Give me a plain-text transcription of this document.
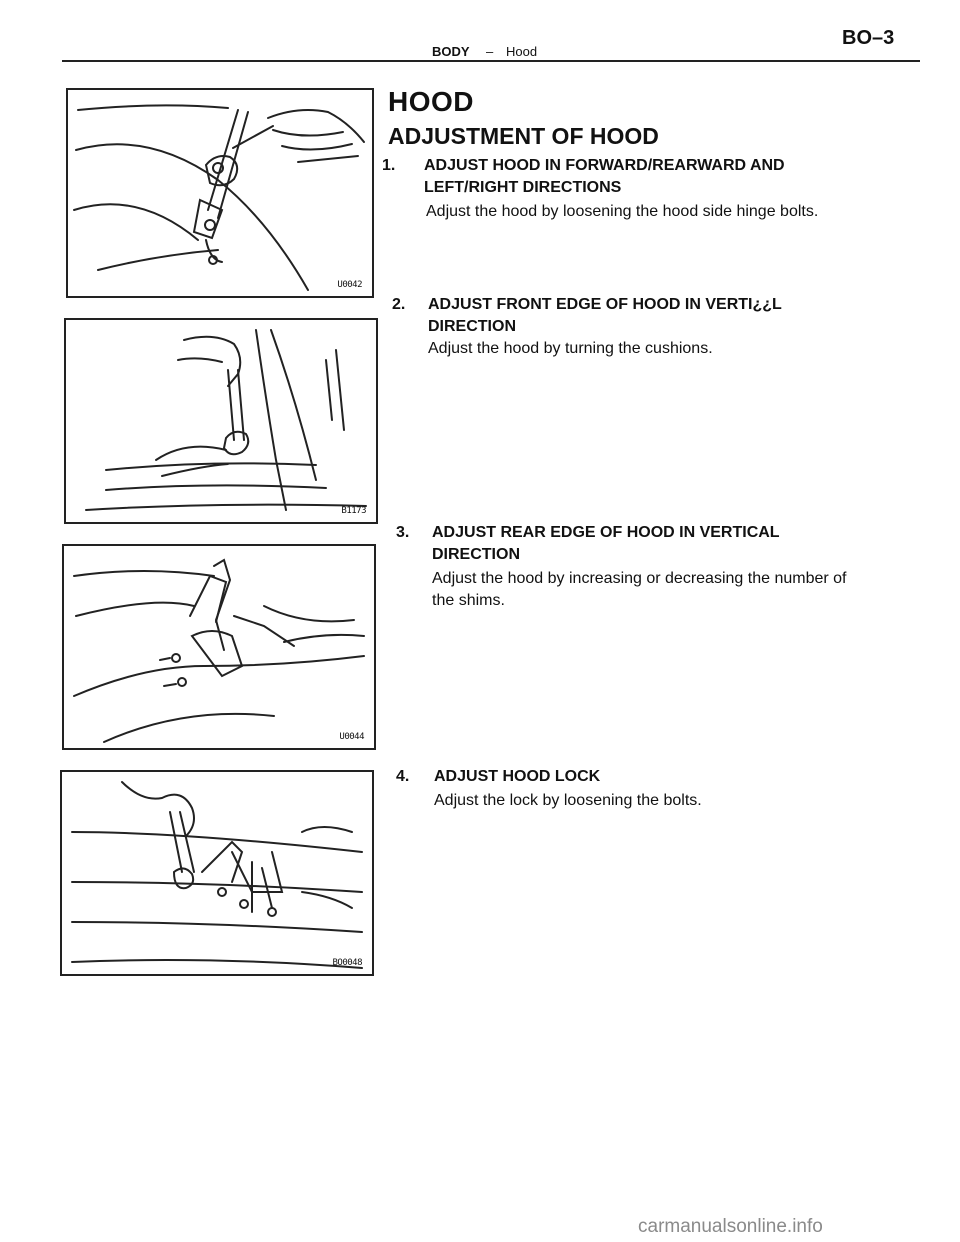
BODY – Hood
BO–3
HOOD
ADJUSTMENT OF HOOD
1. ADJUST HOOD IN FORWARD/REARWARD AND
LEFT/RIGHT DIRECTIONS
Adjust the hood by loosening the hood side hinge bolts.
U0042
2. ADJUST FRONT EDGE OF HOOD IN VERTI¿¿L
DIRECTION
Adjust the hood by turning the cushions.
B1173
3. ADJUST REAR EDGE OF HOOD IN VERTICAL
DIRECTION
Adjust the hood by increasing or decreasing the number of
the shims.
U0044
4. ADJUST HOOD LOCK
Adjust the lock by loosening the bolts.
BO0048
carmanualsonline.info
